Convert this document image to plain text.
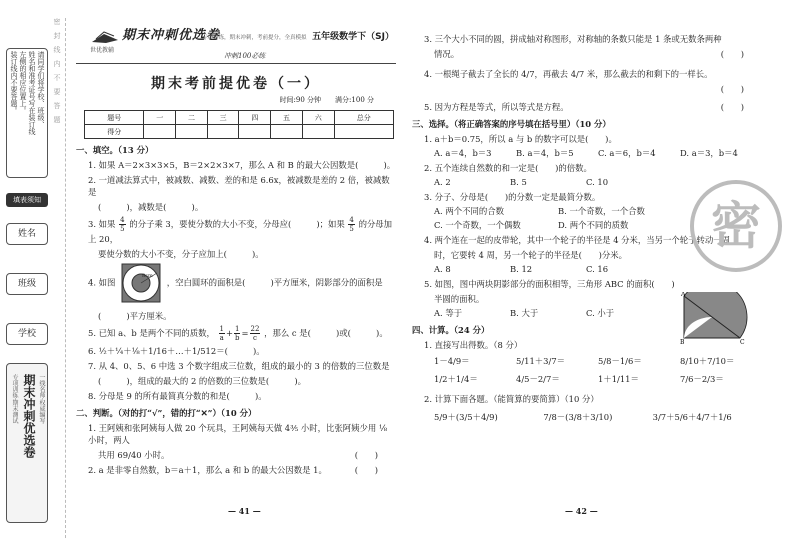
请同学们将学校、班级、
姓名和准考证号写在装订线
左侧的相应位置上。
装订线内不要答题。
填表须知
姓名
班级
学校
专项训练·期末测试 期末冲刺优选卷 一线名师·权威编写
密　封　线　内　不　要　答　题	期末冲刺优选卷
世优教辅
专项训练，期末冲刺，考前提分，全真模拟 五年级数学下（SJ）
冲刺100必练
期末考前提优卷（一）
时间:90 分钟　　满分:100 分
题号	一	二	三	四	五	六	总分
得分							
一、填空。（13 分）
1. 如果 A＝2×3×3×5，B＝2×2×3×7，那么 A 和 B 的最大公因数是(　　　)。
2. 一道减法算式中，被减数、减数、差的和是 6.6x，被减数是差的 2 倍，被减数是
(　　　)，减数是(　　　)。
3. 如果 $\frac{4}{5}$ 的分子乘 3，要使分数的大小不变，分母应(　　　)；如果 $\frac{4}{5}$ 的分母加上 20，
要使分数的大小不变，分子应加上(　　　)。
4. 如图
8cm
，空白圆环的面积是(　　　)平方厘米，阴影部分的面积是
(　　　)平方厘米。
5. 已知 a、b 是两个不同的质数， $\frac{1}{a} + \frac{1}{b} = \frac{22}{c}$ ，那么 c 是(　　　)或(　　　)。
6. ½＋¼＋⅛＋1/16＋…＋1/512＝(　　　)。
7. 从 4、0、5、6 中选 3 个数字组成三位数，组成的最小的 3 的倍数的三位数是
(　　　)，组成的最大的 2 的倍数的三位数是(　　　)。
8. 分母是 9 的所有最简真分数的和是(　　　)。
二、判断。（对的打“√”，错的打“✕”）（10 分）
1. 王阿姨和张阿姨每人做 20 个玩具，王阿姨每天做 4⅗ 小时，比张阿姨少用 ⅛ 小时，两人
共用 69/40 小时。	(　　)
2. a 是非零自然数，b＝a＋1，那么 a 和 b 的最大公因数是 1。	(　　)
— 41 —
3. 三个大小不同的圆，拼成轴对称图形，对称轴的条数只能是 1 条或无数条两种
情况。	(　　)
4. 一根绳子截去了全长的 4/7，再截去 4/7 米，那么截去的和剩下的一样长。
(　　)

5. 因为方程是等式，所以等式是方程。	(　　)
三、选择。（将正确答案的序号填在括号里）（10 分）
1. a＋b＝0.75，所以 a 与 b 的数字可以是(　　)。
A. a＝4，b＝3	B. a＝4，b＝5	C. a＝6，b＝4	D. a＝3，b＝4
2. 五个连续自然数的和一定是(　　)的倍数。
A. 2	B. 5	C. 10
3. 分子、分母是(　　)的分数一定是最简分数。
A. 两个不同的合数	B. 一个奇数，一个合数
C. 一个奇数，一个偶数	D. 两个不同的质数
4. 两个连在一起的皮带轮，其中一个轮子的半径是 4 分米，当另一个轮子转动一周
时，它要转 4 周，另一个轮子的半径是(　　)分米。
A. 8	B. 12	C. 16
5. 如图，图中两块阴影部分的面积相等，三角形 ABC 的面积(　　)
半圆的面积。
A. 等于	B. 大于	C. 小于
四、计算。（24 分）
1. 直接写出得数。（8 分）
1－4/9＝	5/11＋3/7＝	5/8－1/6＝	8/10＋7/10＝
1/2＋1/4＝	4/5－2/7＝	1＋1/11＝	7/6－2/3＝
2. 计算下面各题。（能简算的要简算）（10 分）
5/9＋(3/5＋4/9)	7/8－(3/8＋3/10)	3/7＋5/6＋4/7＋1/6
A
B	C
密
— 42 —
